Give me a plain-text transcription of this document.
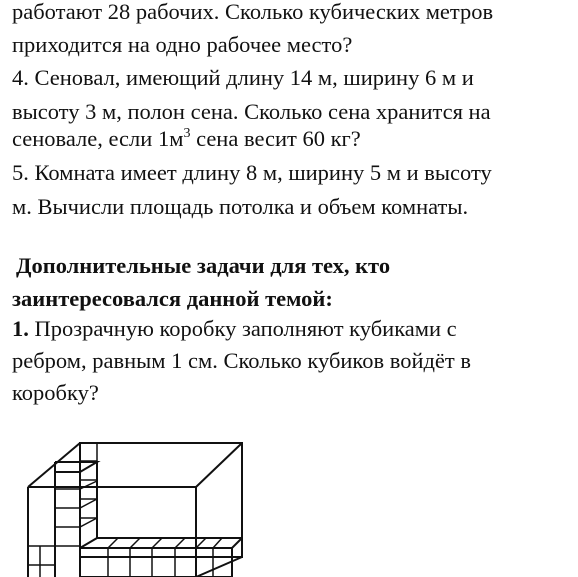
работают 28 рабочих. Сколько кубических метров

приходится на одно рабочее место?

4. Сеновал, имеющий длину 14 м, ширину 6 м и

высоту 3 м, полон сена. Сколько сена хранится на

сеновале, если $1м^3$ сена весит 60 кг?

5. Комната имеет длину 8 м, ширину 5 м и высоту

м. Вычисли площадь потолка и объем комнаты.

Дополнительные задачи для тех, кто

заинтересовался данной темой:

1. Прозрачную коробку заполняют кубиками с

ребром, равным 1 см. Сколько кубиков войдёт в

коробку?
